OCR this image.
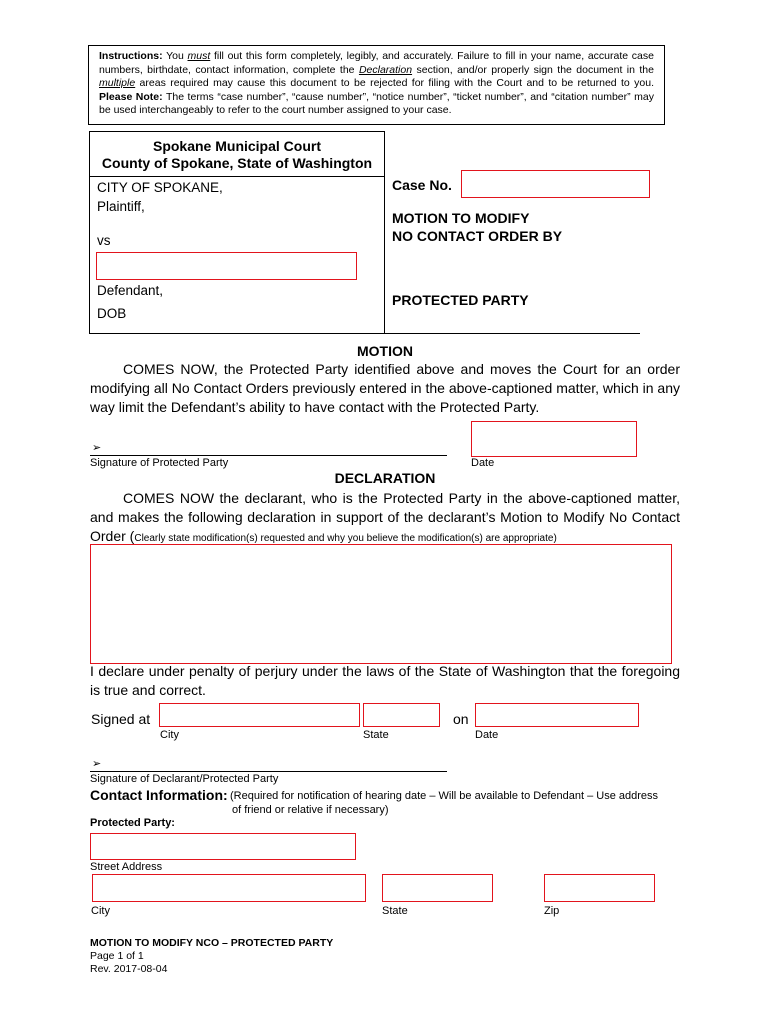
Instructions: You must fill out this form completely, legibly, and accurately. Failure to fill in your name, accurate case numbers, birthdate, contact information, complete the Declaration section, and/or properly sign the document in the multiple areas required may cause this document to be rejected for filing with the Court and to be returned to you. Please Note: The terms “case number”, “cause number”, “notice number”, “ticket number”, and “citation number” may be used interchangeably to refer to the court number assigned to your case.
Spokane Municipal Court
County of Spokane, State of Washington
CITY OF SPOKANE,
Plaintiff,
vs
Defendant,
DOB
Case No.
MOTION TO MODIFY
NO CONTACT ORDER BY
PROTECTED PARTY
MOTION
COMES NOW, the Protected Party identified above and moves the Court for an order modifying all No Contact Orders previously entered in the above-captioned matter, which in any way limit the Defendant’s ability to have contact with the Protected Party.
➢
Signature of Protected Party	Date
DECLARATION
COMES NOW the declarant, who is the Protected Party in the above-captioned matter, and makes the following declaration in support of the declarant’s Motion to Modify No Contact Order (Clearly state modification(s) requested and why you believe the modification(s) are appropriate)
I declare under penalty of perjury under the laws of the State of Washington that the foregoing is true and correct.
Signed at	on
City	State	Date
➢
Signature of Declarant/Protected Party
Contact Information: (Required for notification of hearing date – Will be available to Defendant – Use address
of friend or relative if necessary)
Protected Party:
Street Address
City	State	Zip
MOTION TO MODIFY NCO – PROTECTED PARTY
Page 1 of 1
Rev. 2017-08-04
